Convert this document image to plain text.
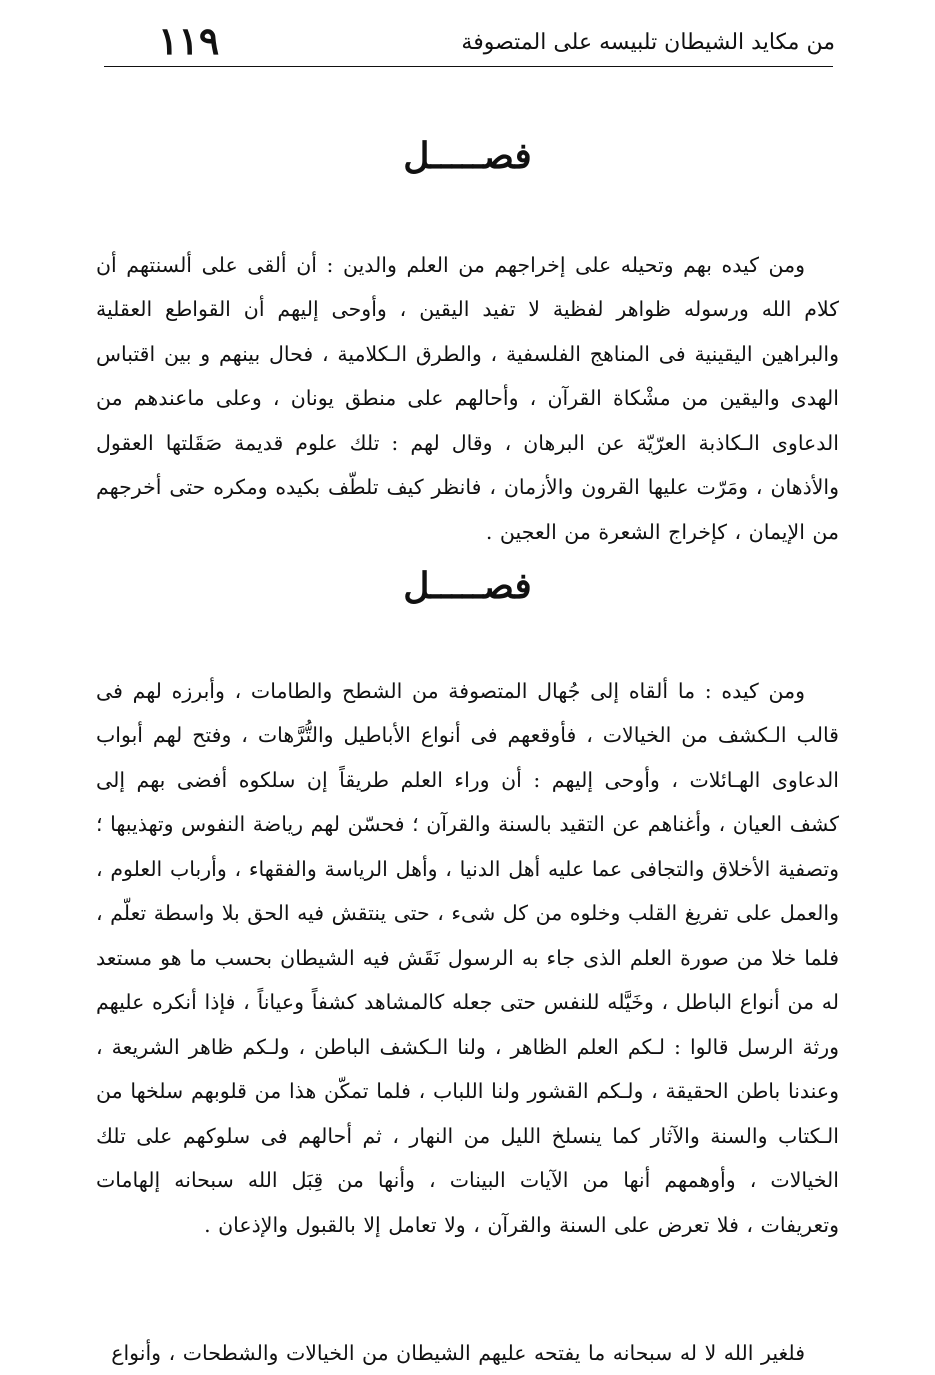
١١٩	من مكايد الشيطان تلبيسه على المتصوفة
فصـــــل

ومن كيده بهم وتحيله على إخراجهم من العلم والدين : أن ألقى على ألسنتهم أن كلام الله ورسوله ظواهر لفظية لا تفيد اليقين ، وأوحى إليهم أن القواطع العقلية والبراهين اليقينية فى المناهج الفلسفية ، والطرق الـكلامية ، فحال بينهم و بين اقتباس الهدى واليقين من مشْكاة القرآن ، وأحالهم على منطق يونان ، وعلى ماعندهم من الدعاوى الـكاذبة العرّيّة عن البرهان ، وقال لهم : تلك علوم قديمة صَقَلتها العقول والأذهان ، ومَرّت عليها القرون والأزمان ، فانظر كيف تلطّف بكيده ومكره حتى أخرجهم من الإيمان ، كإخراج الشعرة من العجين .

فصـــــل

ومن كيده : ما ألقاه إلى جُهال المتصوفة من الشطح والطامات ، وأبرزه لهم فى قالب الـكشف من الخيالات ، فأوقعهم فى أنواع الأباطيل والتُّرَّهات ، وفتح لهم أبواب الدعاوى الهـائلات ، وأوحى إليهم : أن وراء العلم طريقاً إن سلكوه أفضى بهم إلى كشف العيان ، وأغناهم عن التقيد بالسنة والقرآن ؛ فحسّن لهم رياضة النفوس وتهذيبها ؛ وتصفية الأخلاق والتجافى عما عليه أهل الدنيا ، وأهل الرياسة والفقهاء ، وأرباب العلوم ، والعمل على تفريغ القلب وخلوه من كل شىء ، حتى ينتقش فيه الحق بلا واسطة تعلّم ، فلما خلا من صورة العلم الذى جاء به الرسول نَقَش فيه الشيطان بحسب ما هو مستعد له من أنواع الباطل ، وخَيَّله للنفس حتى جعله كالمشاهد كشفاً وعياناً ، فإذا أنكره عليهم ورثة الرسل قالوا : لـكم العلم الظاهر ، ولنا الـكشف الباطن ، ولـكم ظاهر الشريعة ، وعندنا باطن الحقيقة ، ولـكم القشور ولنا اللباب ، فلما تمكّن هذا من قلوبهم سلخها من الـكتاب والسنة والآثار كما ينسلخ الليل من النهار ، ثم أحالهم فى سلوكهم على تلك الخيالات ، وأوهمهم أنها من الآيات البينات ، وأنها من قِبَل الله سبحانه إلهامات وتعريفات ، فلا تعرض على السنة والقرآن ، ولا تعامل إلا بالقبول والإذعان .

فلغير الله لا له سبحانه ما يفتحه عليهم الشيطان من الخيالات والشطحات ، وأنواع
